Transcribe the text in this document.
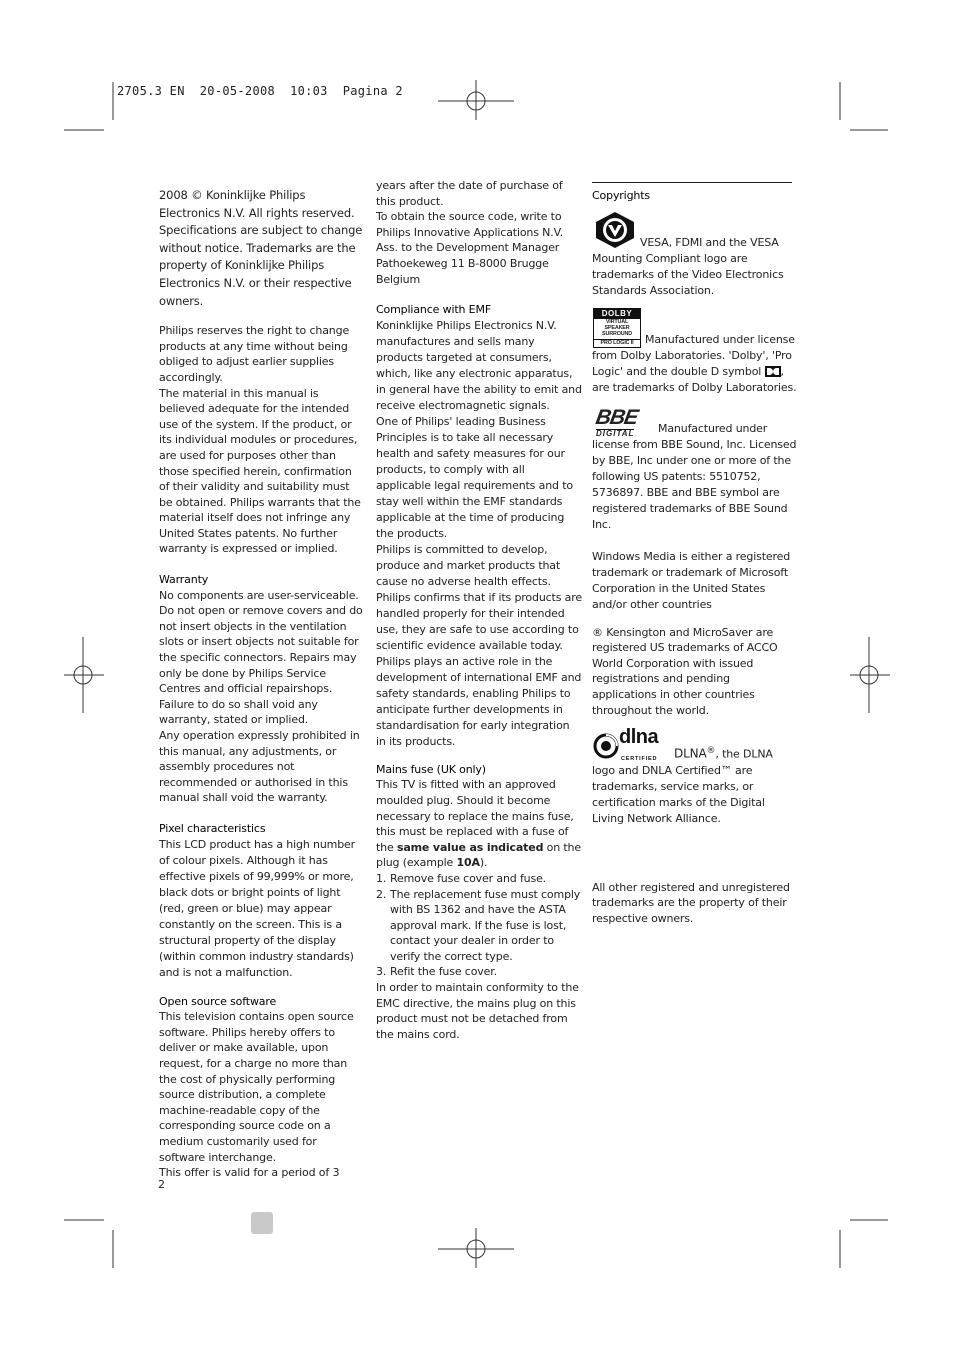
2705.3 EN  20-05-2008  10:03  Pagina 2

2008 © Koninklijke Philips Electronics N.V. All rights reserved. Specifications are subject to change without notice. Trademarks are the property of Koninklijke Philips Electronics N.V. or their respective owners.

Philips reserves the right to change products at any time without being obliged to adjust earlier supplies accordingly.

The material in this manual is believed adequate for the intended use of the system. If the product, or its individual modules or procedures, are used for purposes other than those specified herein, confirmation of their validity and suitability must be obtained. Philips warrants that the material itself does not infringe any United States patents. No further warranty is expressed or implied.

Warranty

No components are user-serviceable. Do not open or remove covers and do not insert objects in the ventilation slots or insert objects not suitable for the specific connectors. Repairs may only be done by Philips Service Centres and official repairshops. Failure to do so shall void any warranty, stated or implied.

Any operation expressly prohibited in this manual, any adjustments, or assembly procedures not recommended or authorised in this manual shall void the warranty.

Pixel characteristics

This LCD product has a high number of colour pixels. Although it has effective pixels of 99,999% or more, black dots or bright points of light (red, green or blue) may appear constantly on the screen. This is a structural property of the display (within common industry standards) and is not a malfunction.

Open source software

This television contains open source software. Philips hereby offers to deliver or make available, upon request, for a charge no more than the cost of physically performing source distribution, a complete machine-readable copy of the corresponding source code on a medium customarily used for software interchange.

This offer is valid for a period of 3

years after the date of purchase of this product.

To obtain the source code, write to Philips Innovative Applications N.V. Ass. to the Development Manager Pathoekeweg 11 B-8000 Brugge Belgium

Compliance with EMF

Koninklijke Philips Electronics N.V. manufactures and sells many products targeted at consumers, which, like any electronic apparatus, in general have the ability to emit and receive electromagnetic signals.

One of Philips' leading Business Principles is to take all necessary health and safety measures for our products, to comply with all applicable legal requirements and to stay well within the EMF standards applicable at the time of producing the products.

Philips is committed to develop, produce and market products that cause no adverse health effects.

Philips confirms that if its products are handled properly for their intended use, they are safe to use according to scientific evidence available today.

Philips plays an active role in the development of international EMF and safety standards, enabling Philips to anticipate further developments in standardisation for early integration in its products.

Mains fuse (UK only)

This TV is fitted with an approved moulded plug. Should it become necessary to replace the mains fuse, this must be replaced with a fuse of the same value as indicated on the plug (example 10A).

1. Remove fuse cover and fuse.
2. The replacement fuse must comply with BS 1362 and have the ASTA approval mark. If the fuse is lost, contact your dealer in order to verify the correct type.
3. Refit the fuse cover.

In order to maintain conformity to the EMC directive, the mains plug on this product must not be detached from the mains cord.

Copyrights

VESA, FDMI and the VESA Mounting Compliant logo are trademarks of the Video Electronics Standards Association.

DOLBY
VIRTUAL
SPEAKER
SURROUND
PRO LOGIC II	Manufactured under license from Dolby Laboratories. 'Dolby', 'Pro Logic' and the double D symbol , are trademarks of Dolby Laboratories.

BBE
DIGITAL	Manufactured under license from BBE Sound, Inc. Licensed by BBE, Inc under one or more of the following US patents: 5510752, 5736897. BBE and BBE symbol are registered trademarks of BBE Sound Inc.

Windows Media is either a registered trademark or trademark of Microsoft Corporation in the United States and/or other countries

® Kensington and MicroSaver are registered US trademarks of ACCO World Corporation with issued registrations and pending applications in other countries throughout the world.

dlna
CERTIFIED	DLNA®, the DLNA logo and DNLA Certified™ are trademarks, service marks, or certification marks of the Digital Living Network Alliance.

All other registered and unregistered trademarks are the property of their respective owners.

2
